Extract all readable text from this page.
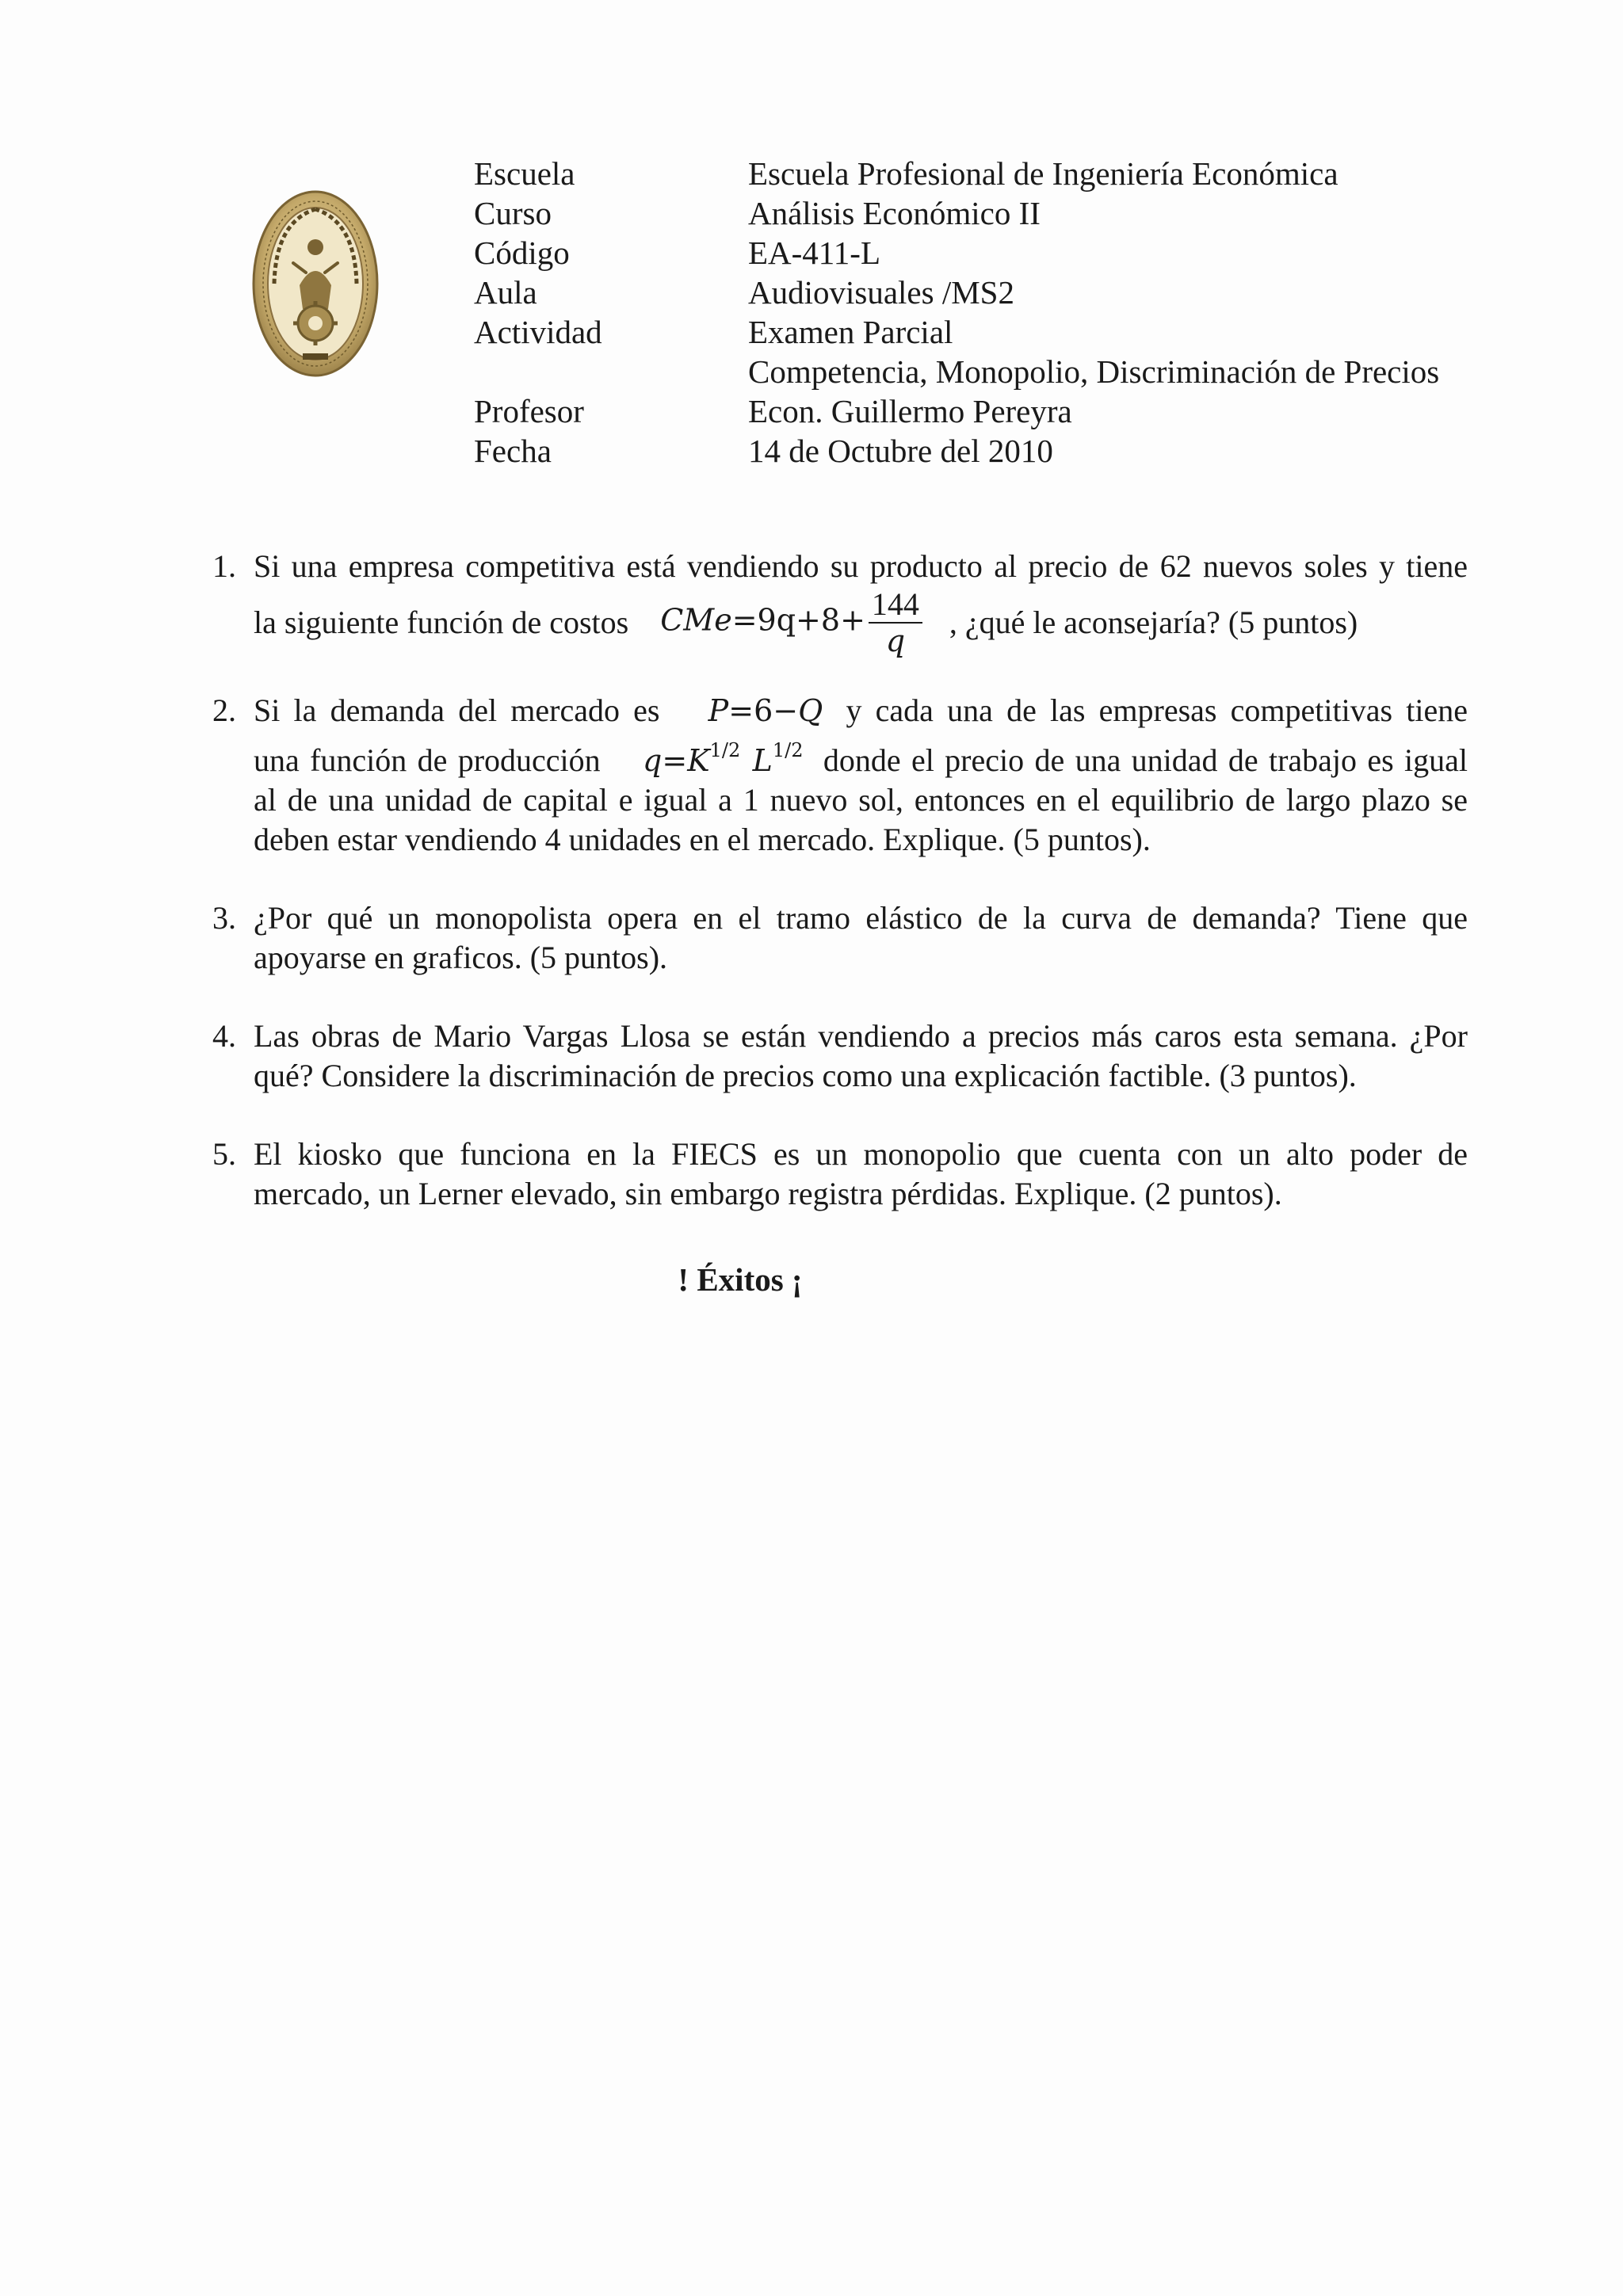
Escuela	Escuela Profesional de Ingeniería Económica
Curso	Análisis Económico II
Código	EA-411-L
Aula	Audiovisuales /MS2
Actividad	Examen Parcial
Competencia, Monopolio, Discriminación de Precios
Profesor	Econ. Guillermo Pereyra
Fecha	14 de Octubre del 2010
1. Si una empresa competitiva está vendiendo su producto al precio de 62 nuevos soles y tiene
la siguiente función de costos $CMe=9q+8+ \frac{144}{q}$ , ¿qué le aconsejaría? (5 puntos)
2. Si la demanda del mercado es P=6−Q y cada una de las empresas competitivas tiene
una función de producción $q=K^{1/2}$ $L^{1/2}$ donde el precio de una unidad de trabajo es igual
al de una unidad de capital e igual a 1 nuevo sol, entonces en el equilibrio de largo plazo se
deben estar vendiendo 4 unidades en el mercado. Explique. (5 puntos).
3. ¿Por qué un monopolista opera en el tramo elástico de la curva de demanda? Tiene que
apoyarse en graficos. (5 puntos).
4. Las obras de Mario Vargas Llosa se están vendiendo a precios más caros esta semana. ¿Por
qué? Considere la discriminación de precios como una explicación factible. (3 puntos).
5. El kiosko que funciona en la FIECS es un monopolio que cuenta con un alto poder de
mercado, un Lerner elevado, sin embargo registra pérdidas. Explique. (2 puntos).
! Éxitos ¡
